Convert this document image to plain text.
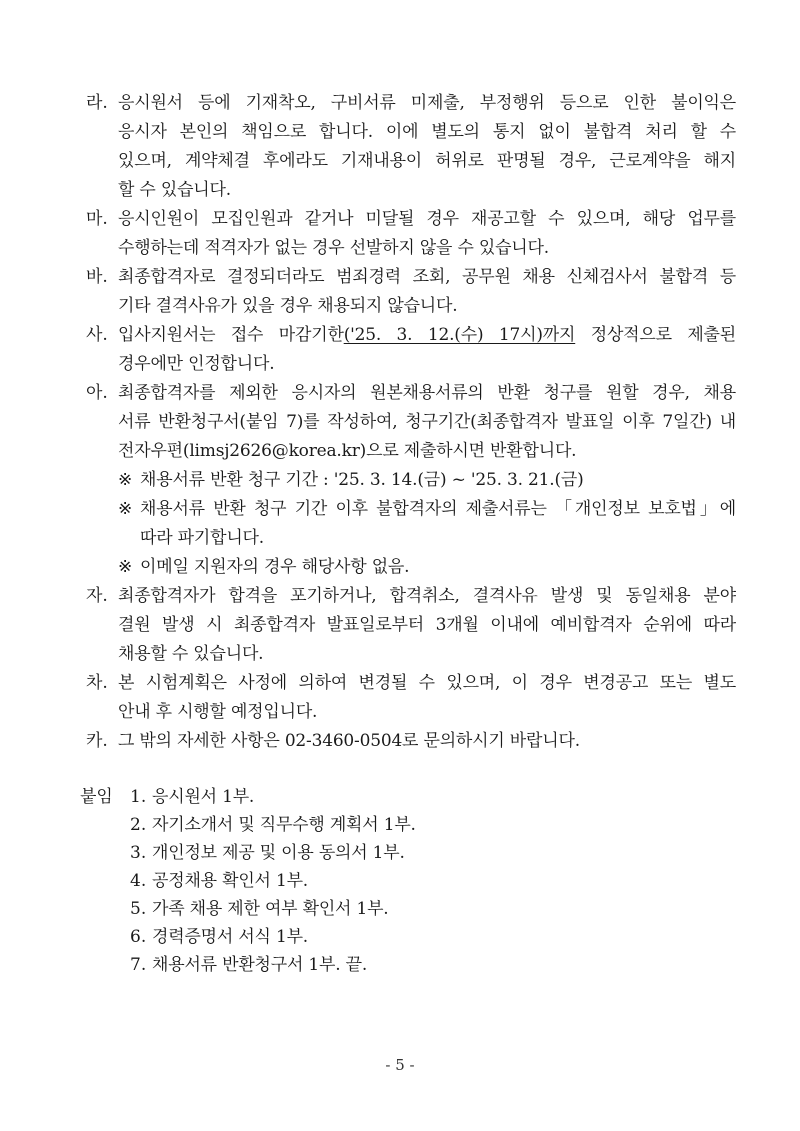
라. 응시원서 등에 기재착오, 구비서류 미제출, 부정행위 등으로 인한 불이익은
응시자 본인의 책임으로 합니다. 이에 별도의 통지 없이 불합격 처리 할 수
있으며, 계약체결 후에라도 기재내용이 허위로 판명될 경우, 근로계약을 해지
할 수 있습니다.
마. 응시인원이 모집인원과 같거나 미달될 경우 재공고할 수 있으며, 해당 업무를
수행하는데 적격자가 없는 경우 선발하지 않을 수 있습니다.
바. 최종합격자로 결정되더라도 범죄경력 조회, 공무원 채용 신체검사서 불합격 등
기타 결격사유가 있을 경우 채용되지 않습니다.
사. 입사지원서는 접수 마감기한('25. 3. 12.(수) 17시)까지 정상적으로 제출된
경우에만 인정합니다.
아. 최종합격자를 제외한 응시자의 원본채용서류의 반환 청구를 원할 경우, 채용
서류 반환청구서(붙임 7)를 작성하여, 청구기간(최종합격자 발표일 이후 7일간) 내
전자우편(limsj2626@korea.kr)으로 제출하시면 반환합니다.
※ 채용서류 반환 청구 기간 : '25. 3. 14.(금) ~ '25. 3. 21.(금)
※ 채용서류 반환 청구 기간 이후 불합격자의 제출서류는 「개인정보 보호법」에
따라 파기합니다.
※ 이메일 지원자의 경우 해당사항 없음.
자. 최종합격자가 합격을 포기하거나, 합격취소, 결격사유 발생 및 동일채용 분야
결원 발생 시 최종합격자 발표일로부터 3개월 이내에 예비합격자 순위에 따라
채용할 수 있습니다.
차. 본 시험계획은 사정에 의하여 변경될 수 있으며, 이 경우 변경공고 또는 별도
안내 후 시행할 예정입니다.
카. 그 밖의 자세한 사항은 02-3460-0504로 문의하시기 바랍니다.
붙임 1. 응시원서 1부.
2. 자기소개서 및 직무수행 계획서 1부.
3. 개인정보 제공 및 이용 동의서 1부.
4. 공정채용 확인서 1부.
5. 가족 채용 제한 여부 확인서 1부.
6. 경력증명서 서식 1부.
7. 채용서류 반환청구서 1부. 끝.
- 5 -
